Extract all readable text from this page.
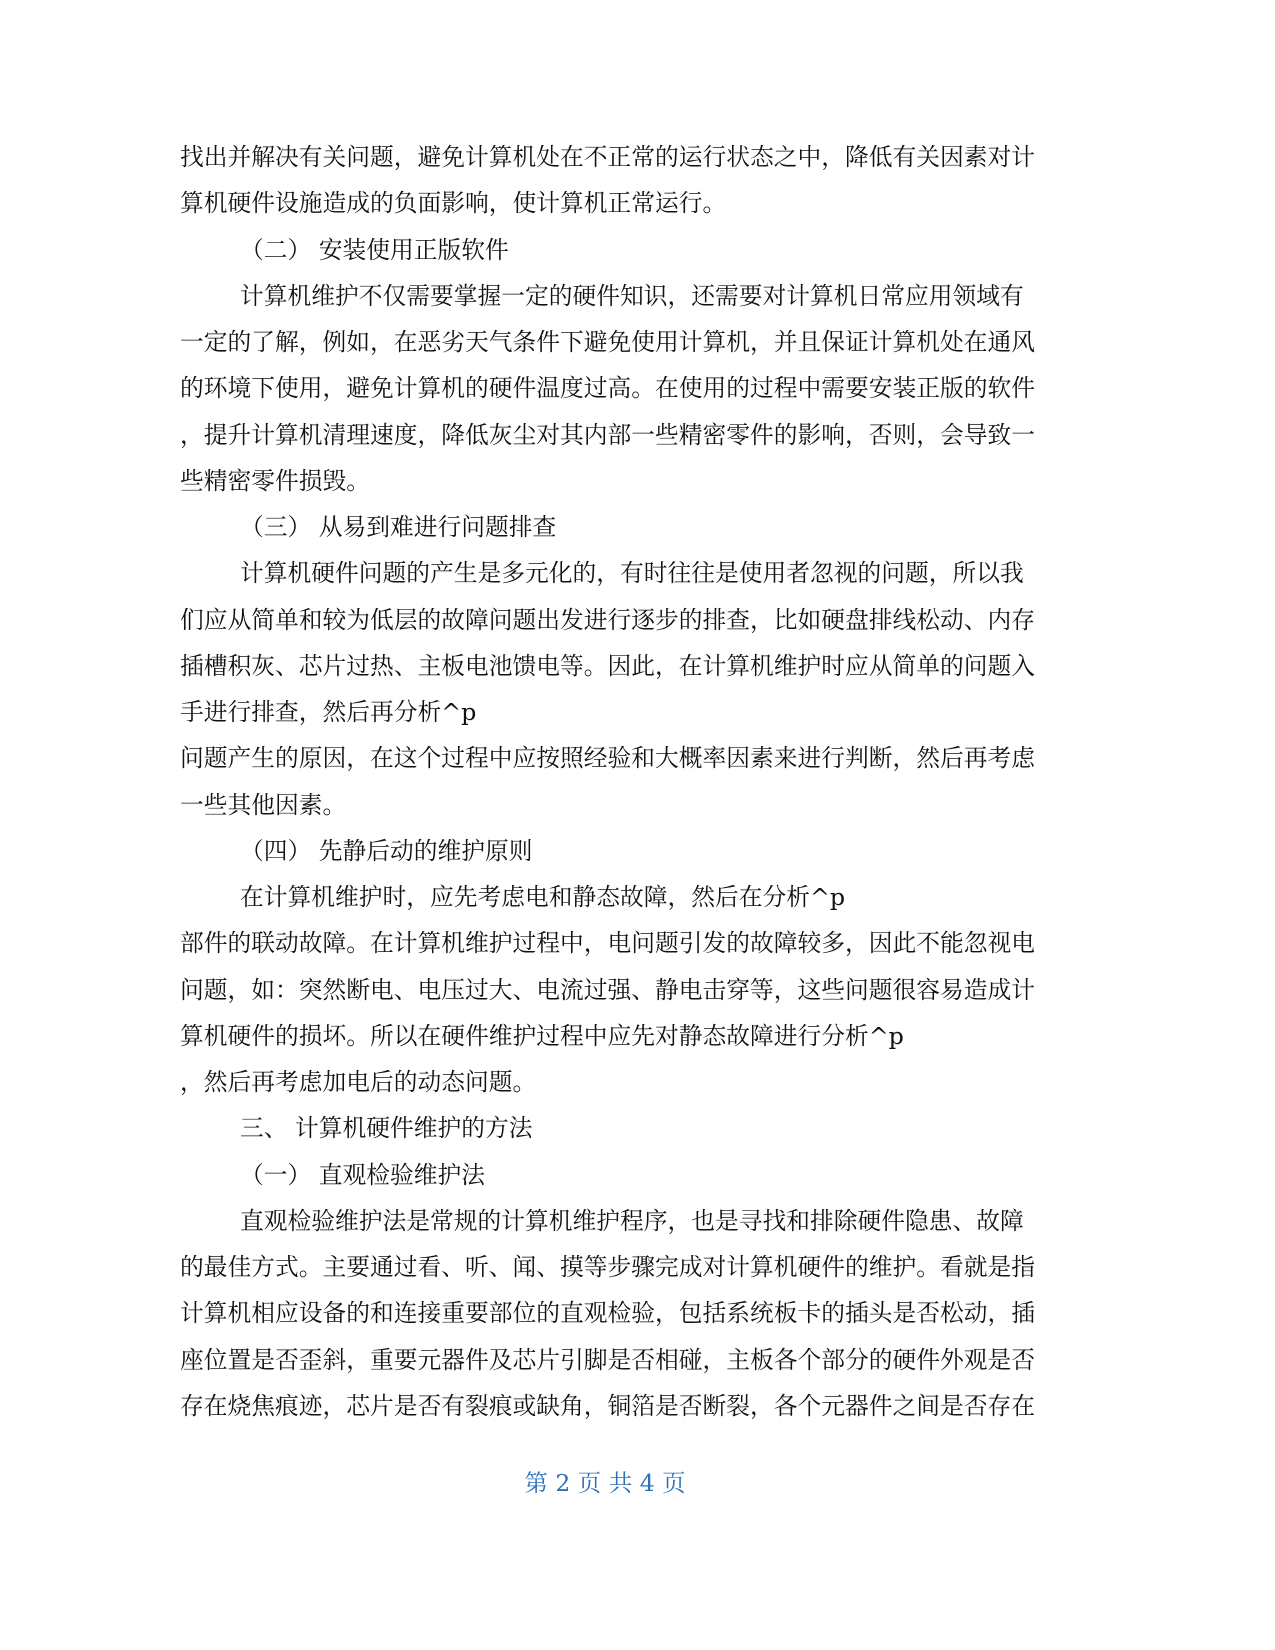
找出并解决有关问题，避免计算机处在不正常的运行状态之中，降低有关因素对计
算机硬件设施造成的负面影响，使计算机正常运行。
（二） 安装使用正版软件
计算机维护不仅需要掌握一定的硬件知识，还需要对计算机日常应用领域有
一定的了解，例如，在恶劣天气条件下避免使用计算机，并且保证计算机处在通风
的环境下使用，避免计算机的硬件温度过高。在使用的过程中需要安装正版的软件
，提升计算机清理速度，降低灰尘对其内部一些精密零件的影响，否则，会导致一
些精密零件损毁。
（三） 从易到难进行问题排查
计算机硬件问题的产生是多元化的，有时往往是使用者忽视的问题，所以我
们应从简单和较为低层的故障问题出发进行逐步的排查，比如硬盘排线松动、内存
插槽积灰、芯片过热、主板电池馈电等。因此，在计算机维护时应从简单的问题入
手进行排查，然后再分析^p
问题产生的原因，在这个过程中应按照经验和大概率因素来进行判断，然后再考虑
一些其他因素。
（四） 先静后动的维护原则
在计算机维护时，应先考虑电和静态故障，然后在分析^p
部件的联动故障。在计算机维护过程中，电问题引发的故障较多，因此不能忽视电
问题，如：突然断电、电压过大、电流过强、静电击穿等，这些问题很容易造成计
算机硬件的损坏。所以在硬件维护过程中应先对静态故障进行分析^p
，然后再考虑加电后的动态问题。
三、 计算机硬件维护的方法
（一） 直观检验维护法
直观检验维护法是常规的计算机维护程序，也是寻找和排除硬件隐患、故障
的最佳方式。主要通过看、听、闻、摸等步骤完成对计算机硬件的维护。看就是指
计算机相应设备的和连接重要部位的直观检验，包括系统板卡的插头是否松动，插
座位置是否歪斜，重要元器件及芯片引脚是否相碰，主板各个部分的硬件外观是否
存在烧焦痕迹，芯片是否有裂痕或缺角，铜箔是否断裂，各个元器件之间是否存在
第 2 页 共 4 页
